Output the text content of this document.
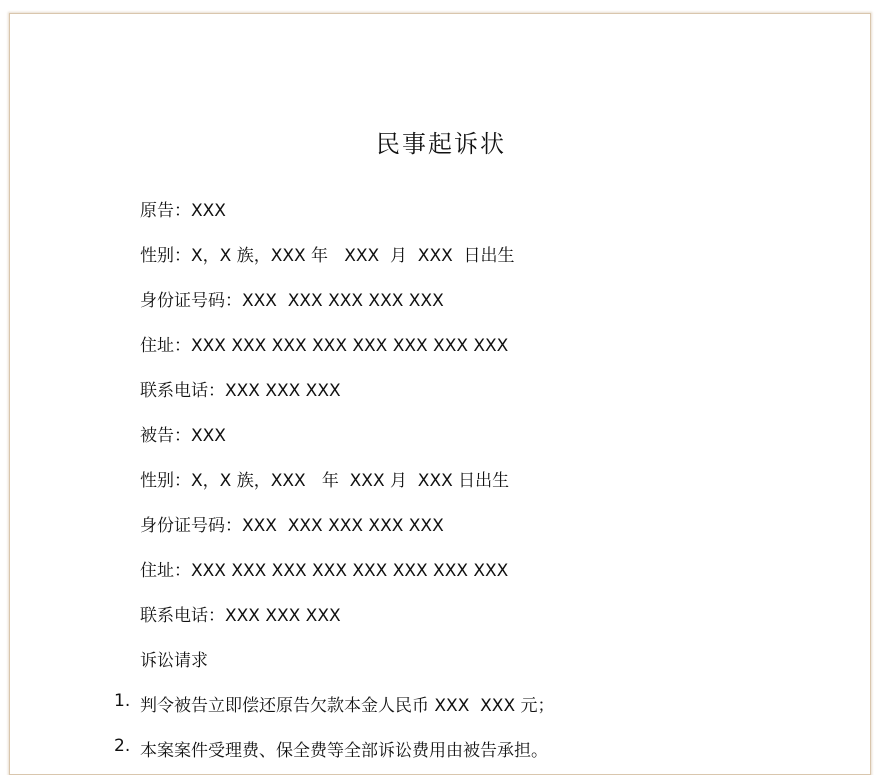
民事起诉状
原告：XXX
性别：X，X 族，XXX 年   XXX  月  XXX  日出生
身份证号码：XXX  XXX XXX XXX XXX
住址：XXX XXX XXX XXX XXX XXX XXX XXX
联系电话：XXX XXX XXX
被告：XXX
性别：X，X 族，XXX   年  XXX 月  XXX 日出生
身份证号码：XXX  XXX XXX XXX XXX
住址：XXX XXX XXX XXX XXX XXX XXX XXX
联系电话：XXX XXX XXX
诉讼请求
1. 判令被告立即偿还原告欠款本金人民币 XXX  XXX 元；
2. 本案案件受理费、保全费等全部诉讼费用由被告承担。
